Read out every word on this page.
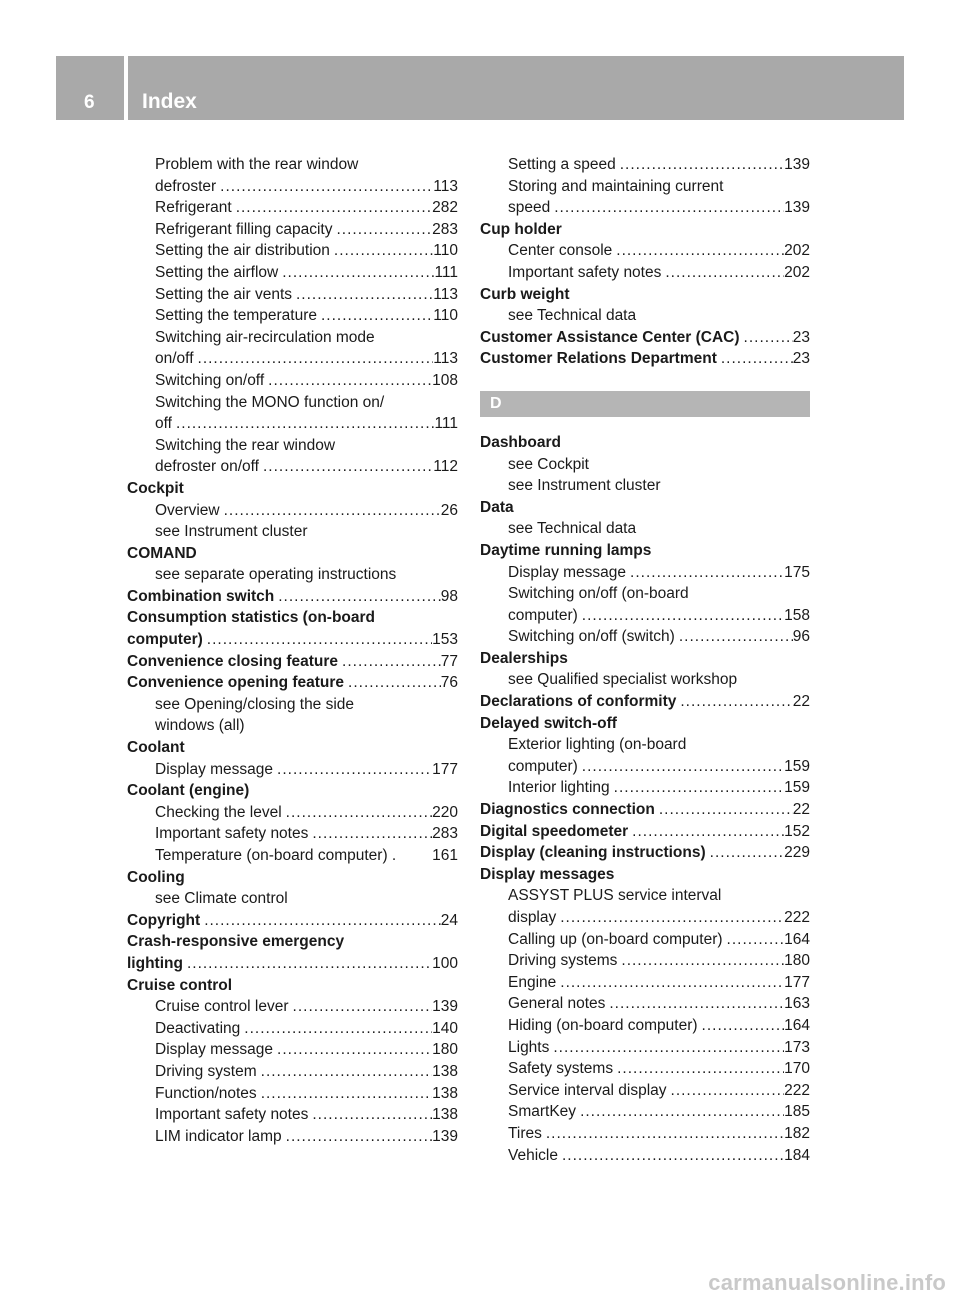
6	Index
Problem with the rear window
defroster .....	113
Refrigerant .....	282
Refrigerant filling capacity .....	283
Setting the air distribution .....	110
Setting the airflow .....	111
Setting the air vents .....	113
Setting the temperature .....	110
Switching air-recirculation mode
on/off .....	113
Switching on/off .....	108
Switching the MONO function on/
off .....	111
Switching the rear window
defroster on/off .....	112
Cockpit
Overview .....	26
see Instrument cluster
COMAND
see separate operating instructions
Combination switch .....	98
Consumption statistics (on-board
computer) .....	153
Convenience closing feature .....	77
Convenience opening feature .....	76
see Opening/closing the side
windows (all)
Coolant
Display message .....	177
Coolant (engine)
Checking the level .....	220
Important safety notes .....	283
Temperature (on-board computer) . 161
Cooling
see Climate control
Copyright .....	24
Crash-responsive emergency
lighting .....	100
Cruise control
Cruise control lever .....	139
Deactivating .....	140
Display message .....	180
Driving system .....	138
Function/notes .....	138
Important safety notes .....	138
LIM indicator lamp .....	139
Setting a speed .....	139
Storing and maintaining current
speed .....	139
Cup holder
Center console .....	202
Important safety notes .....	202
Curb weight
see Technical data
Customer Assistance Center (CAC) .....	23
Customer Relations Department .....	23
D
Dashboard
see Cockpit
see Instrument cluster
Data
see Technical data
Daytime running lamps
Display message .....	175
Switching on/off (on-board
computer) .....	158
Switching on/off (switch) .....	96
Dealerships
see Qualified specialist workshop
Declarations of conformity .....	22
Delayed switch-off
Exterior lighting (on-board
computer) .....	159
Interior lighting .....	159
Diagnostics connection .....	22
Digital speedometer .....	152
Display (cleaning instructions) .....	229
Display messages
ASSYST PLUS service interval
display .....	222
Calling up (on-board computer) .....	164
Driving systems .....	180
Engine .....	177
General notes .....	163
Hiding (on-board computer) .....	164
Lights .....	173
Safety systems .....	170
Service interval display .....	222
SmartKey .....	185
Tires .....	182
Vehicle .....	184
carmanualsonline.info
